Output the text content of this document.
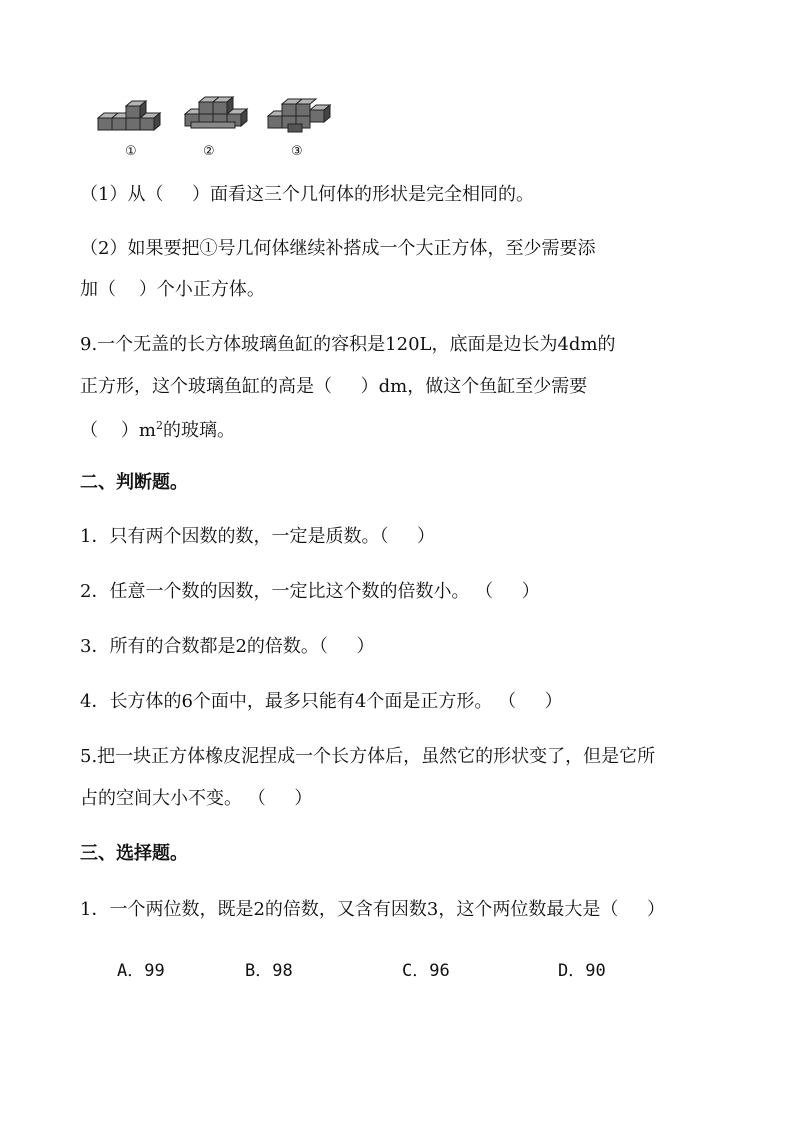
①	②	③
（1）从（     ）面看这三个几何体的形状是完全相同的。
（2）如果要把①号几何体继续补搭成一个大正方体，至少需要添
加（    ）个小正方体。
9.一个无盖的长方体玻璃鱼缸的容积是120L，底面是边长为4dm的
正方形，这个玻璃鱼缸的高是（     ）dm，做这个鱼缸至少需要
（    ）$m^2$的玻璃。
二、判断题。
1．只有两个因数的数，一定是质数。（     ）
2．任意一个数的因数，一定比这个数的倍数小。 （     ）
3．所有的合数都是2的倍数。（     ）
4．长方体的6个面中，最多只能有4个面是正方形。 （     ）
5.把一块正方体橡皮泥捏成一个长方体后，虽然它的形状变了，但是它所
占的空间大小不变。 （     ）
三、选择题。
1．一个两位数，既是2的倍数，又含有因数3，这个两位数最大是（     ）
A．99	B．98	C．96	D．90
